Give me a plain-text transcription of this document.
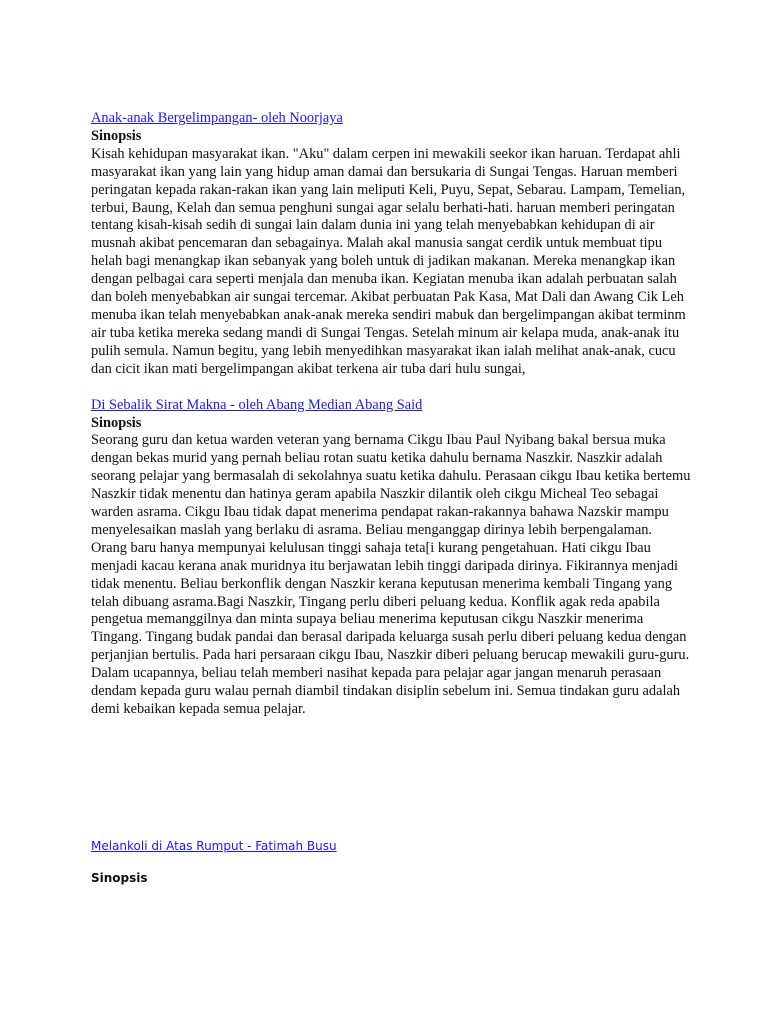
Anak-anak Bergelimpangan- oleh Noorjaya
Sinopsis

Kisah kehidupan masyarakat ikan. "Aku" dalam cerpen ini mewakili seekor ikan haruan. Terdapat ahli masyarakat ikan yang lain yang hidup aman damai dan bersukaria di Sungai Tengas. Haruan memberi peringatan kepada rakan-rakan ikan yang lain meliputi Keli, Puyu, Sepat, Sebarau. Lampam, Temelian, terbui, Baung, Kelah dan semua penghuni sungai agar selalu berhati-hati. haruan memberi peringatan tentang kisah-kisah sedih di sungai lain dalam dunia ini yang telah menyebabkan kehidupan di air musnah akibat pencemaran dan sebagainya. Malah akal manusia sangat cerdik untuk membuat tipu helah bagi menangkap ikan sebanyak yang boleh untuk di jadikan makanan. Mereka menangkap ikan dengan pelbagai cara seperti menjala dan menuba ikan. Kegiatan menuba ikan adalah perbuatan salah dan boleh menyebabkan air sungai tercemar. Akibat perbuatan Pak Kasa, Mat Dali dan Awang Cik Leh menuba ikan telah menyebabkan anak-anak mereka sendiri mabuk dan bergelimpangan akibat terminm air tuba ketika mereka sedang mandi di Sungai Tengas. Setelah minum air kelapa muda, anak-anak itu pulih semula. Namun begitu, yang lebih menyedihkan masyarakat ikan ialah melihat anak-anak, cucu dan cicit ikan mati bergelimpangan akibat terkena air tuba dari hulu sungai,

Di Sebalik Sirat Makna - oleh Abang Median Abang Said
Sinopsis

Seorang guru dan ketua warden veteran yang bernama Cikgu Ibau Paul Nyibang bakal bersua muka dengan bekas murid yang pernah beliau rotan suatu ketika dahulu bernama Naszkir. Naszkir adalah seorang pelajar yang bermasalah di sekolahnya suatu ketika dahulu. Perasaan cikgu Ibau ketika bertemu Naszkir tidak menentu dan hatinya geram apabila Naszkir dilantik oleh cikgu Micheal Teo sebagai warden asrama. Cikgu Ibau tidak dapat menerima pendapat rakan-rakannya bahawa Nazskir mampu menyelesaikan maslah yang berlaku di asrama. Beliau menganggap dirinya lebih berpengalaman. Orang baru hanya mempunyai kelulusan tinggi sahaja teta[i kurang pengetahuan. Hati cikgu Ibau menjadi kacau kerana anak muridnya itu berjawatan lebih tinggi daripada dirinya. Fikirannya menjadi tidak menentu. Beliau berkonflik dengan Naszkir kerana keputusan menerima kembali Tingang yang telah dibuang asrama.Bagi Naszkir, Tingang perlu diberi peluang kedua. Konflik agak reda apabila pengetua memanggilnya dan minta supaya beliau menerima keputusan cikgu Naszkir menerima Tingang. Tingang budak pandai dan berasal daripada keluarga susah perlu diberi peluang kedua dengan perjanjian bertulis. Pada hari persaraan cikgu Ibau, Naszkir diberi peluang berucap mewakili guru-guru. Dalam ucapannya, beliau telah memberi nasihat kepada para pelajar agar jangan menaruh perasaan dendam kepada guru walau pernah diambil tindakan disiplin sebelum ini. Semua tindakan guru adalah demi kebaikan kepada semua pelajar.

Melankoli di Atas Rumput - Fatimah Busu
Sinopsis
